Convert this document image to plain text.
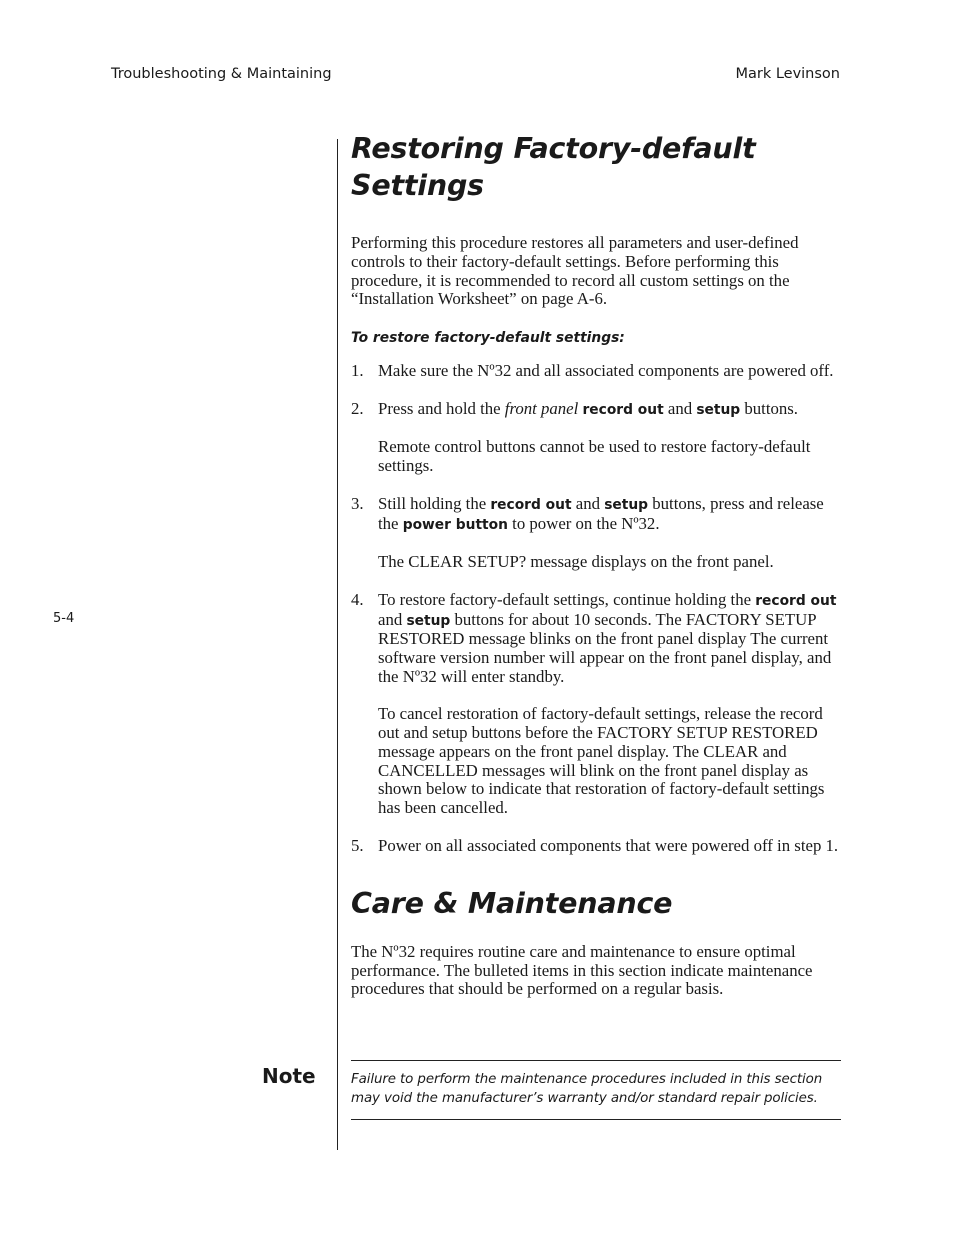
Troubleshooting & Maintaining	Mark Levinson
5-4
Restoring Factory-default
Settings

Performing this procedure restores all parameters and user-defined controls to their factory-default settings. Before performing this procedure, it is recommended to record all custom settings on the “Installation Worksheet” on page A-6.

To restore factory-default settings:
1. Make sure the Nº32 and all associated components are powered off.

2. Press and hold the front panel record out and setup buttons.

Remote control buttons cannot be used to restore factory-default settings.

3. Still holding the record out and setup buttons, press and release the power button to power on the Nº32.

The CLEAR SETUP? message displays on the front panel.

4. To restore factory-default settings, continue holding the record out and setup buttons for about 10 seconds. The FACTORY SETUP RESTORED message blinks on the front panel display The current software version number will appear on the front panel display, and the Nº32 will enter standby.

To cancel restoration of factory-default settings, release the record out and setup buttons before the FACTORY SETUP RESTORED message appears on the front panel display. The CLEAR and CANCELLED messages will blink on the front panel display as shown below to indicate that restoration of factory-default settings has been cancelled.

5. Power on all associated components that were powered off in step 1.

Care & Maintenance

The Nº32 requires routine care and maintenance to ensure optimal performance. The bulleted items in this section indicate maintenance procedures that should be performed on a regular basis.

Note	Failure to perform the maintenance procedures included in this section may void the manufacturer’s warranty and/or standard repair policies.
